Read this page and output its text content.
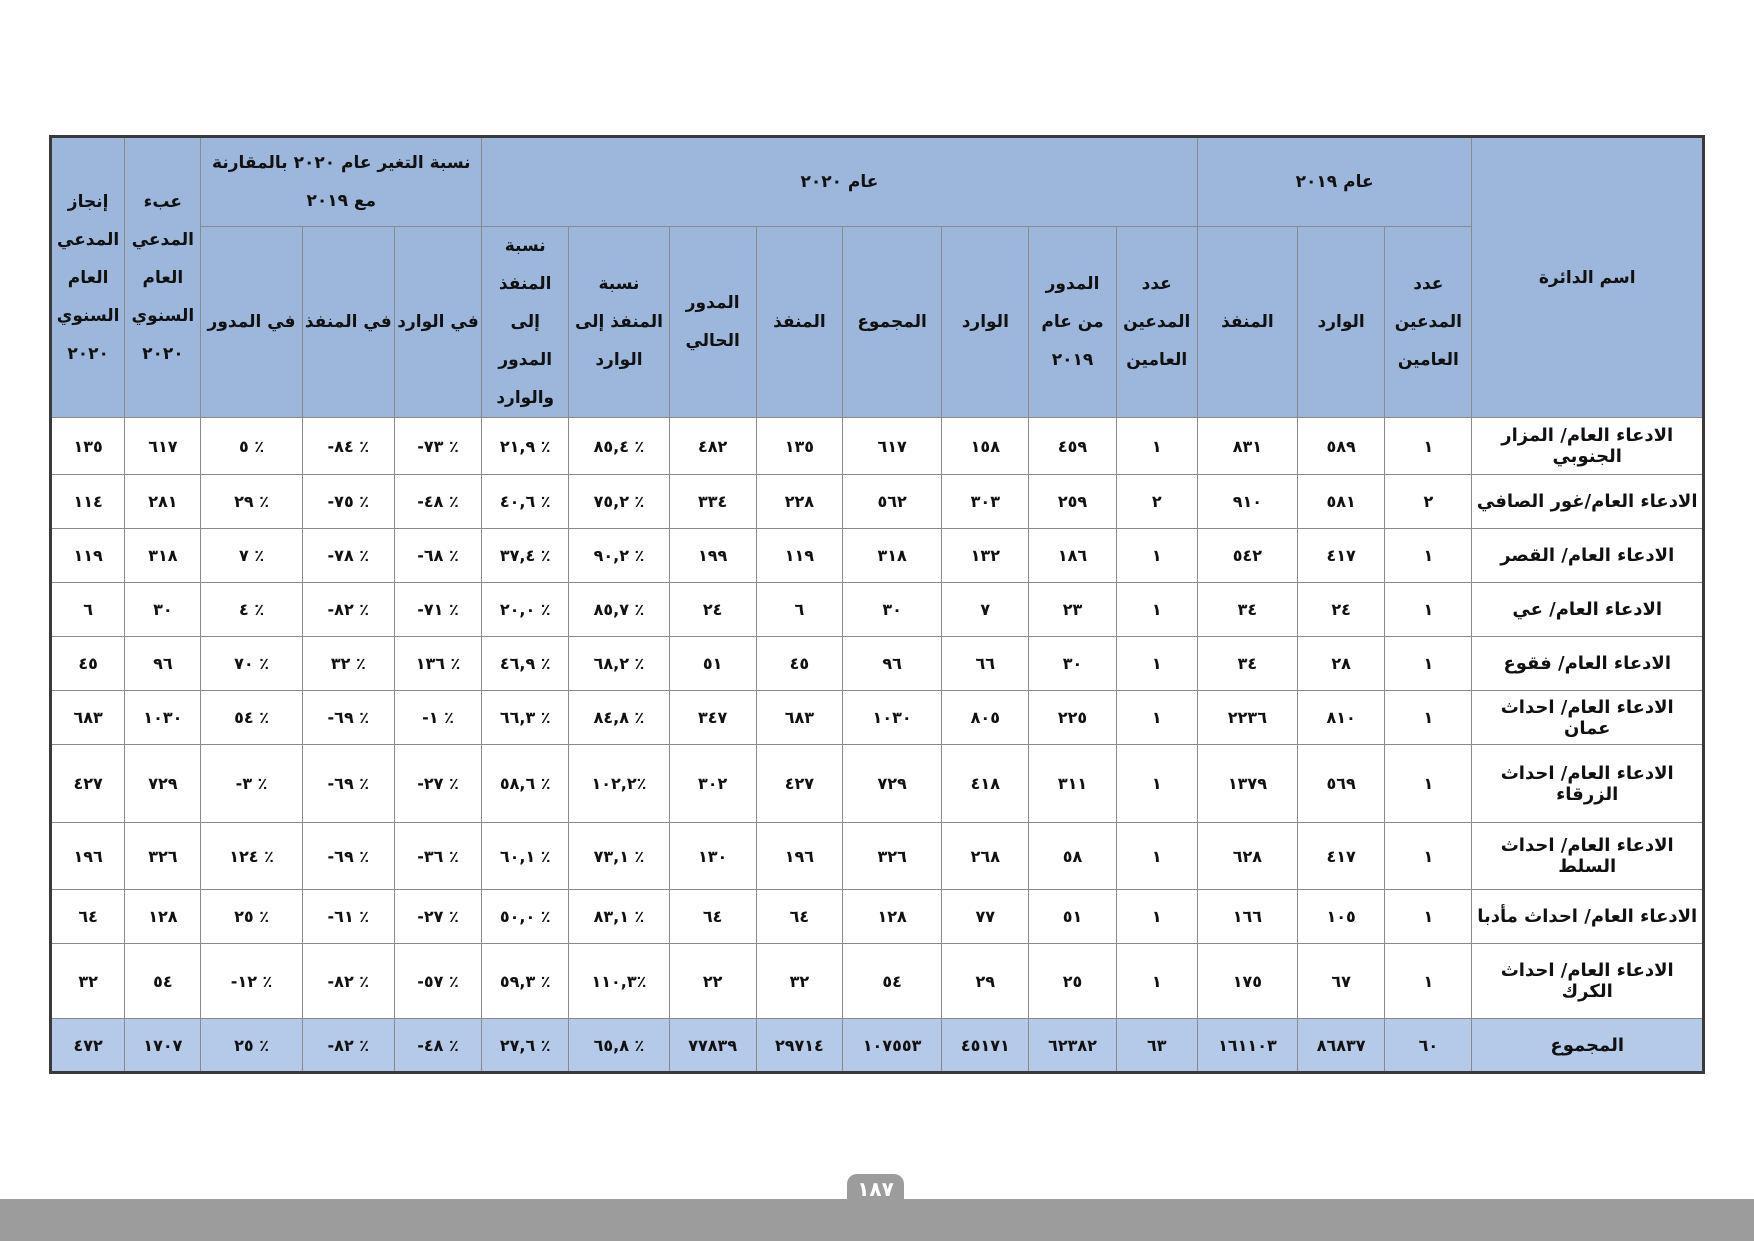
اسم الدائرة	عام ٢٠١٩			عام ٢٠٢٠								نسبة التغير عام ٢٠٢٠ بالمقارنة مع ٢٠١٩			عبء المدعي العام السنوي ٢٠٢٠	إنجاز المدعي العام السنوي ٢٠٢٠
	عدد المدعين العامين	الوارد	المنفذ	عدد المدعين العامين	المدور من عام ٢٠١٩	الوارد	المجموع	المنفذ	المدور الحالي	نسبة المنفذ إلى الوارد	نسبة المنفذ إلى المدور والوارد	في الوارد	في المنفذ	في المدور		
الادعاء العام/ المزار الجنوبي	١	٥٨٩	٨٣١	١	٤٥٩	١٥٨	٦١٧	١٣٥	٤٨٢	٪ ٨٥,٤	٪ ٢١,٩	٪ ٧٣-	٪ ٨٤-	٪ ٥	٦١٧	١٣٥
الادعاء العام/غور الصافي	٢	٥٨١	٩١٠	٢	٢٥٩	٣٠٣	٥٦٢	٢٢٨	٣٣٤	٪ ٧٥,٢	٪ ٤٠,٦	٪ ٤٨-	٪ ٧٥-	٪ ٢٩	٢٨١	١١٤
الادعاء العام/ القصر	١	٤١٧	٥٤٢	١	١٨٦	١٣٢	٣١٨	١١٩	١٩٩	٪ ٩٠,٢	٪ ٣٧,٤	٪ ٦٨-	٪ ٧٨-	٪ ٧	٣١٨	١١٩
الادعاء العام/ عي	١	٢٤	٣٤	١	٢٣	٧	٣٠	٦	٢٤	٪ ٨٥,٧	٪ ٢٠,٠	٪ ٧١-	٪ ٨٢-	٪ ٤	٣٠	٦
الادعاء العام/ فقوع	١	٢٨	٣٤	١	٣٠	٦٦	٩٦	٤٥	٥١	٪ ٦٨,٢	٪ ٤٦,٩	٪ ١٣٦	٪ ٣٢	٪ ٧٠	٩٦	٤٥
الادعاء العام/ احداث عمان	١	٨١٠	٢٢٣٦	١	٢٢٥	٨٠٥	١٠٣٠	٦٨٣	٣٤٧	٪ ٨٤,٨	٪ ٦٦,٣	٪ ١-	٪ ٦٩-	٪ ٥٤	١٠٣٠	٦٨٣
الادعاء العام/ احداث الزرقاء	١	٥٦٩	١٣٧٩	١	٣١١	٤١٨	٧٢٩	٤٢٧	٣٠٢	٪١٠٢,٢	٪ ٥٨,٦	٪ ٢٧-	٪ ٦٩-	٪ ٣-	٧٢٩	٤٢٧
الادعاء العام/ احداث السلط	١	٤١٧	٦٢٨	١	٥٨	٢٦٨	٣٢٦	١٩٦	١٣٠	٪ ٧٣,١	٪ ٦٠,١	٪ ٣٦-	٪ ٦٩-	٪ ١٢٤	٣٢٦	١٩٦
الادعاء العام/ احداث مأدبا	١	١٠٥	١٦٦	١	٥١	٧٧	١٢٨	٦٤	٦٤	٪ ٨٣,١	٪ ٥٠,٠	٪ ٢٧-	٪ ٦١-	٪ ٢٥	١٢٨	٦٤
الادعاء العام/ احداث الكرك	١	٦٧	١٧٥	١	٢٥	٢٩	٥٤	٣٢	٢٢	٪١١٠,٣	٪ ٥٩,٣	٪ ٥٧-	٪ ٨٢-	٪ ١٢-	٥٤	٣٢
المجموع	٦٠	٨٦٨٣٧	١٦١١٠٣	٦٣	٦٢٣٨٢	٤٥١٧١	١٠٧٥٥٣	٢٩٧١٤	٧٧٨٣٩	٪ ٦٥,٨	٪ ٢٧,٦	٪ ٤٨-	٪ ٨٢-	٪ ٢٥	١٧٠٧	٤٧٢
١٨٧
